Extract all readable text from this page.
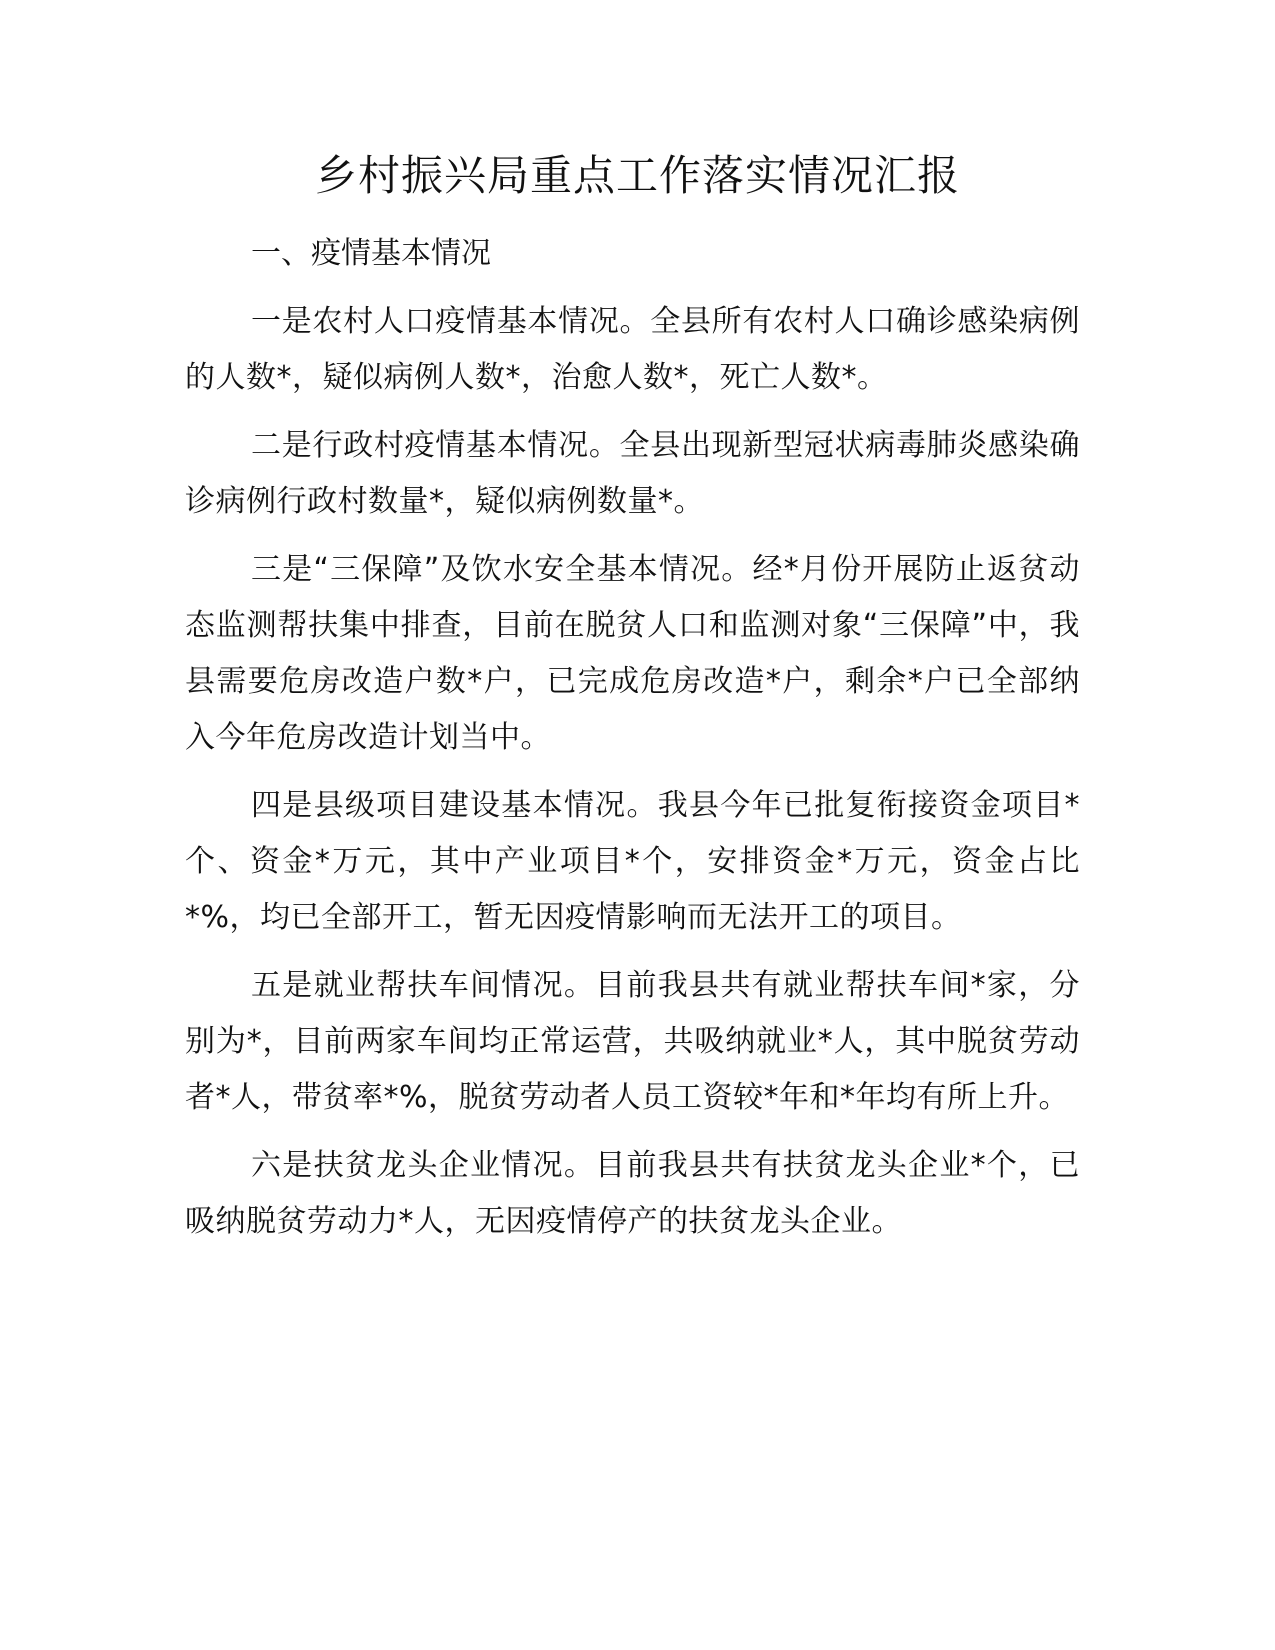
乡村振兴局重点工作落实情况汇报
一、疫情基本情况

一是农村人口疫情基本情况。全县所有农村人口确诊感染病例的人数*，疑似病例人数*，治愈人数*，死亡人数*。

二是行政村疫情基本情况。全县出现新型冠状病毒肺炎感染确诊病例行政村数量*，疑似病例数量*。

三是“三保障”及饮水安全基本情况。经*月份开展防止返贫动态监测帮扶集中排查，目前在脱贫人口和监测对象“三保障”中，我县需要危房改造户数*户，已完成危房改造*户，剩余*户已全部纳入今年危房改造计划当中。

四是县级项目建设基本情况。我县今年已批复衔接资金项目*个、资金*万元，其中产业项目*个，安排资金*万元，资金占比*%，均已全部开工，暂无因疫情影响而无法开工的项目。

五是就业帮扶车间情况。目前我县共有就业帮扶车间*家，分别为*，目前两家车间均正常运营，共吸纳就业*人，其中脱贫劳动者*人，带贫率*%，脱贫劳动者人员工资较*年和*年均有所上升。

六是扶贫龙头企业情况。目前我县共有扶贫龙头企业*个，已吸纳脱贫劳动力*人，无因疫情停产的扶贫龙头企业。
